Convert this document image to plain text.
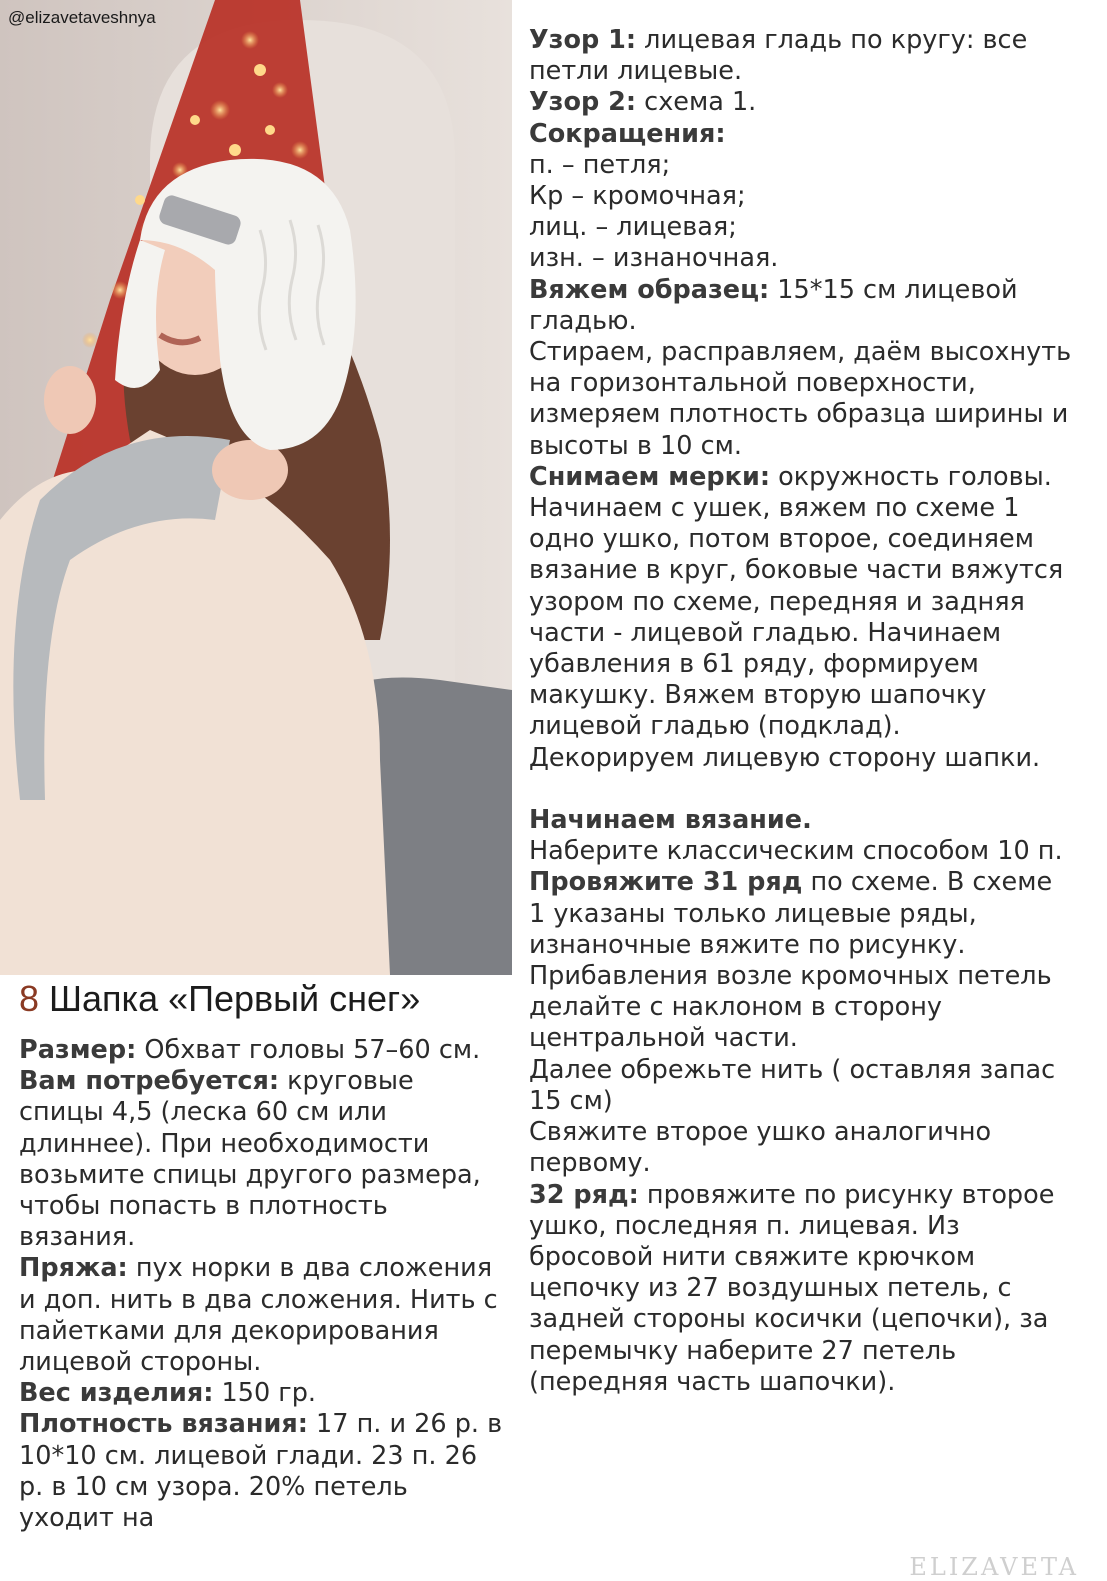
@elizavetaveshnya
8 Шапка «Первый снег»

Размер: Обхват головы 57–60 см.

Вам потребуется: круговые спицы 4,5 (леска 60 см или длиннее). При необходимости возьмите спицы другого размера, чтобы попасть в плотность вязания.

Пряжа: пух норки в два сложения и доп. нить в два сложения. Нить с пайетками для декорирования лицевой стороны.

Вес изделия: 150 гр.

Плотность вязания: 17 п. и 26 р. в 10*10 см. лицевой глади. 23 п. 26 р. в 10 см узора. 20% петель уходит на

Узор 1: лицевая гладь по кругу: все петли лицевые.

Узор 2: схема 1.

Сокращения:

п. – петля;

Кр – кромочная;

лиц. – лицевая;

изн. – изнаночная.

Вяжем образец: 15*15 см лицевой гладью.

Стираем, расправляем, даём высохнуть на горизонтальной поверхности, измеряем плотность образца ширины и высоты в 10 см.

Снимаем мерки: окружность головы. Начинаем с ушек, вяжем по схеме 1 одно ушко, потом второе, соединяем вязание в круг, боковые части вяжутся узором по схеме, передняя и задняя части - лицевой гладью. Начинаем убавления в 61 ряду, формируем макушку. Вяжем вторую шапочку лицевой гладью (подклад). Декорируем лицевую сторону шапки.

Начинаем вязание.

Наберите классическим способом 10 п.

Провяжите 31 ряд по схеме. В схеме 1 указаны только лицевые ряды, изнаночные вяжите по рисунку. Прибавления возле кромочных петель делайте с наклоном в сторону центральной части.

Далее обрежьте нить ( оставляя запас 15 см)

Свяжите второе ушко аналогично первому.

32 ряд: провяжите по рисунку второе ушко, последняя п. лицевая. Из бросовой нити свяжите крючком цепочку из 27 воздушных петель, с задней стороны косички (цепочки), за перемычку наберите 27 петель (передняя часть шапочки).

ELIZAVETA
